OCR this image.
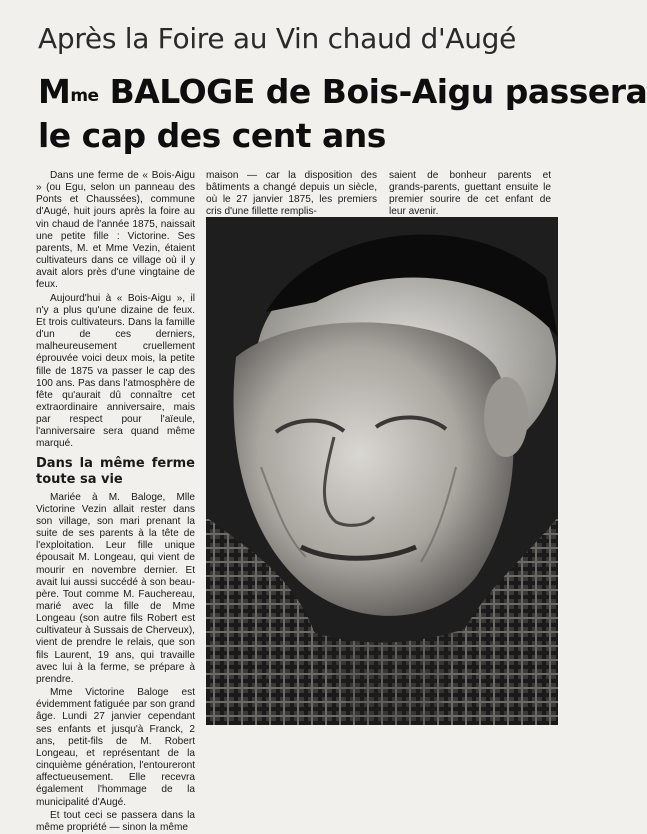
Après la Foire au Vin chaud d'Augé
$M^{me}$ BALOGE de Bois-Aigu passera
le cap des cent ans

Dans une ferme de « Bois-Aigu » (ou Egu, selon un panneau des Ponts et Chaussées), commune d'Augé, huit jours après la foire au vin chaud de l'année 1875, naissait une petite fille : Victorine. Ses parents, M. et Mme Vezin, étaient cultivateurs dans ce village où il y avait alors près d'une vingtaine de feux.

Aujourd'hui à « Bois-Aigu », il n'y a plus qu'une dizaine de feux. Et trois cultivateurs. Dans la famille d'un de ces derniers, malheureusement cruellement éprouvée voici deux mois, la petite fille de 1875 va passer le cap des 100 ans. Pas dans l'atmosphère de fête qu'aurait dû connaître cet extraordinaire anniversaire, mais par respect pour l'aïeule, l'anniversaire sera quand même marqué.

Dans la même ferme toute sa vie

Mariée à M. Baloge, Mlle Victorine Vezin allait rester dans son village, son mari prenant la suite de ses parents à la tête de l'exploitation. Leur fille unique épousait M. Longeau, qui vient de mourir en novembre dernier. Et avait lui aussi succédé à son beau-père. Tout comme M. Fauchereau, marié avec la fille de Mme Longeau (son autre fils Robert est cultivateur à Sussais de Cherveux), vient de prendre le relais, que son fils Laurent, 19 ans, qui travaille avec lui à la ferme, se prépare à prendre.

Mme Victorine Baloge est évidemment fatiguée par son grand âge. Lundi 27 janvier cependant ses enfants et jusqu'à Franck, 2 ans, petit-fils de M. Robert Longeau, et représentant de la cinquième génération, l'entoureront affectueusement. Elle recevra également l'hommage de la municipalité d'Augé.

Et tout ceci se passera dans la même propriété — sinon la même

maison — car la disposition des bâtiments a changé depuis un siècle, où le 27 janvier 1875, les premiers cris d'une fillette remplis-

saient de bonheur parents et grands-parents, guettant ensuite le premier sourire de cet enfant de leur avenir.
